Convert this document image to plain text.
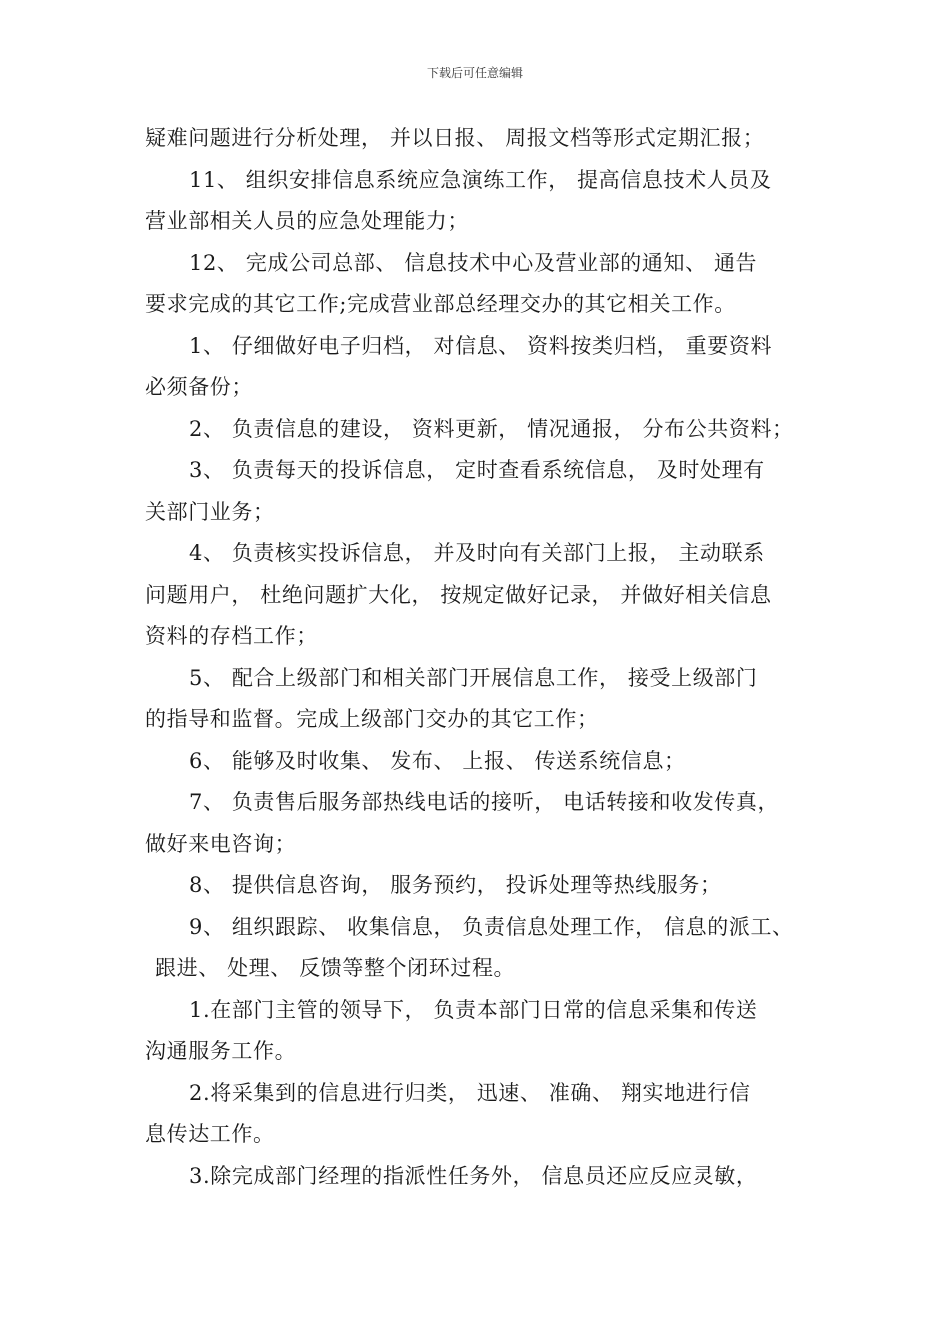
下载后可任意编辑
疑难问题进行分析处理， 并以日报、 周报文档等形式定期汇报；
11、 组织安排信息系统应急演练工作， 提高信息技术人员及
营业部相关人员的应急处理能力；
12、 完成公司总部、 信息技术中心及营业部的通知、 通告
要求完成的其它工作;完成营业部总经理交办的其它相关工作。
1、 仔细做好电子归档， 对信息、 资料按类归档， 重要资料
必须备份；
2、 负责信息的建设， 资料更新， 情况通报， 分布公共资料；
3、 负责每天的投诉信息， 定时查看系统信息， 及时处理有
关部门业务；
4、 负责核实投诉信息， 并及时向有关部门上报， 主动联系
问题用户， 杜绝问题扩大化， 按规定做好记录， 并做好相关信息
资料的存档工作；
5、 配合上级部门和相关部门开展信息工作， 接受上级部门
的指导和监督。完成上级部门交办的其它工作；
6、 能够及时收集、 发布、 上报、 传送系统信息；
7、 负责售后服务部热线电话的接听， 电话转接和收发传真，
做好来电咨询；
8、 提供信息咨询， 服务预约， 投诉处理等热线服务；
9、 组织跟踪、 收集信息， 负责信息处理工作， 信息的派工、
跟进、 处理、 反馈等整个闭环过程。
1.在部门主管的领导下， 负责本部门日常的信息采集和传送
沟通服务工作。
2.将采集到的信息进行归类， 迅速、 准确、 翔实地进行信
息传达工作。
3.除完成部门经理的指派性任务外， 信息员还应反应灵敏，
